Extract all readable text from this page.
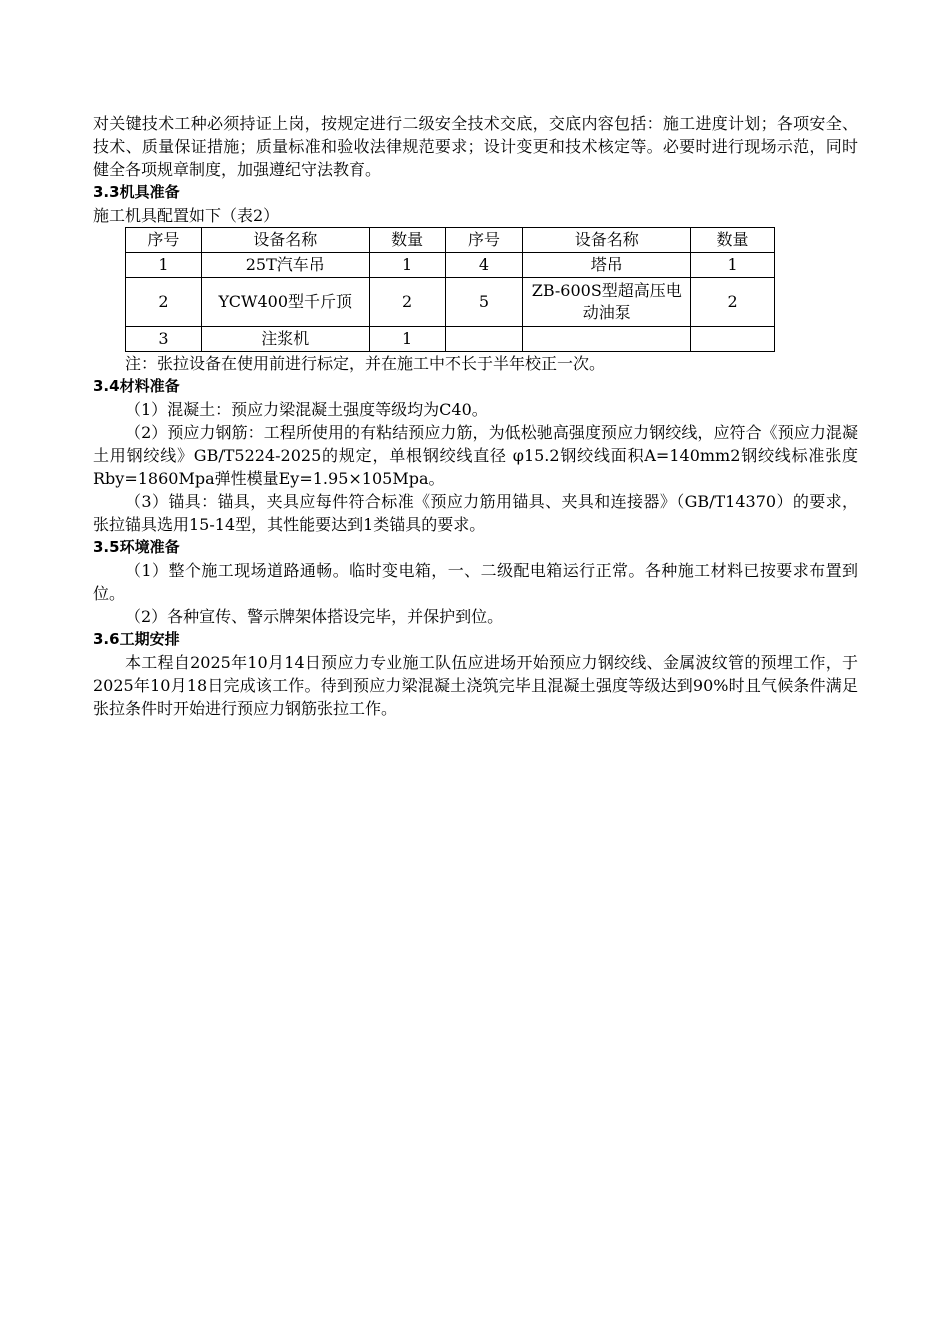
对关键技术工种必须持证上岗，按规定进行二级安全技术交底，交底内容包括：施工进度计划；各项安全、技术、质量保证措施；质量标准和验收法律规范要求；设计变更和技术核定等。必要时进行现场示范，同时健全各项规章制度，加强遵纪守法教育。

3.3机具准备

施工机具配置如下（表2）

序号	设备名称	数量	序号	设备名称	数量
1	25T汽车吊	1	4	塔吊	1
2	YCW400型千斤顶	2	5	ZB-600S型超高压电动油泵	2
3	注浆机	1			

注：张拉设备在使用前进行标定，并在施工中不长于半年校正一次。

3.4材料准备

（1）混凝土：预应力梁混凝土强度等级均为C40。

（2）预应力钢筋：工程所使用的有粘结预应力筋，为低松驰高强度预应力钢绞线，应符合《预应力混凝土用钢绞线》GB/T5224-2025的规定，单根钢绞线直径 φ15.2钢绞线面积A=140mm2钢绞线标准张度Rby=1860Mpa弹性模量Ey=1.95×105Mpa。

（3）锚具：锚具，夹具应每件符合标准《预应力筋用锚具、夹具和连接器》（GB/T14370）的要求，张拉锚具选用15-14型，其性能要达到1类锚具的要求。

3.5环境准备

（1）整个施工现场道路通畅。临时变电箱，一、二级配电箱运行正常。各种施工材料已按要求布置到位。

（2）各种宣传、警示牌架体搭设完毕，并保护到位。

3.6工期安排

本工程自2025年10月14日预应力专业施工队伍应进场开始预应力钢绞线、金属波纹管的预埋工作，于2025年10月18日完成该工作。待到预应力梁混凝土浇筑完毕且混凝土强度等级达到90%时且气候条件满足张拉条件时开始进行预应力钢筋张拉工作。
